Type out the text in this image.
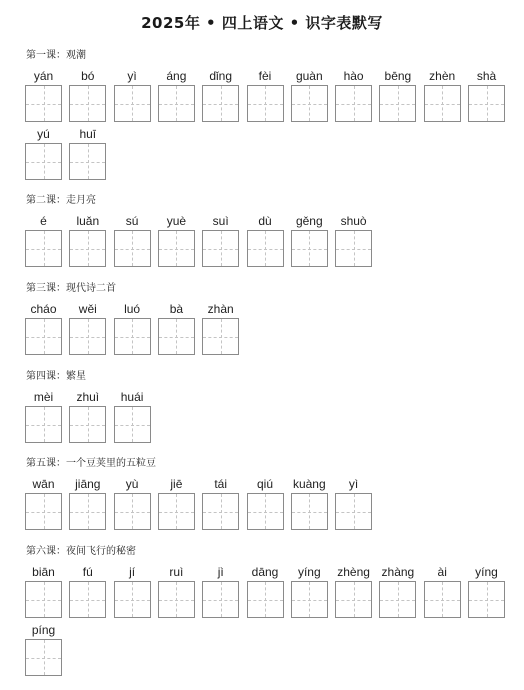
2025年 • 四上语文 • 识字表默写
第一课：观潮
yán	bó	yì	áng	dǐng	fèi	guàn	hào	bēng	zhèn	shà
yú	huī
第二课：走月亮
é	luǎn	sú	yuè	suì	dù	gěng	shuò
第三课：现代诗二首
cháo	wěi	luó	bà	zhàn
第四课：繁星
mèi	zhuì	huái
第五课：一个豆荚里的五粒豆
wān	jiāng	yù	jiē	tái	qiú	kuàng	yì
第六课：夜间飞行的秘密
biān	fú	jí	ruì	jì	dāng	yíng	zhèng zhàng	ài	yíng
píng
